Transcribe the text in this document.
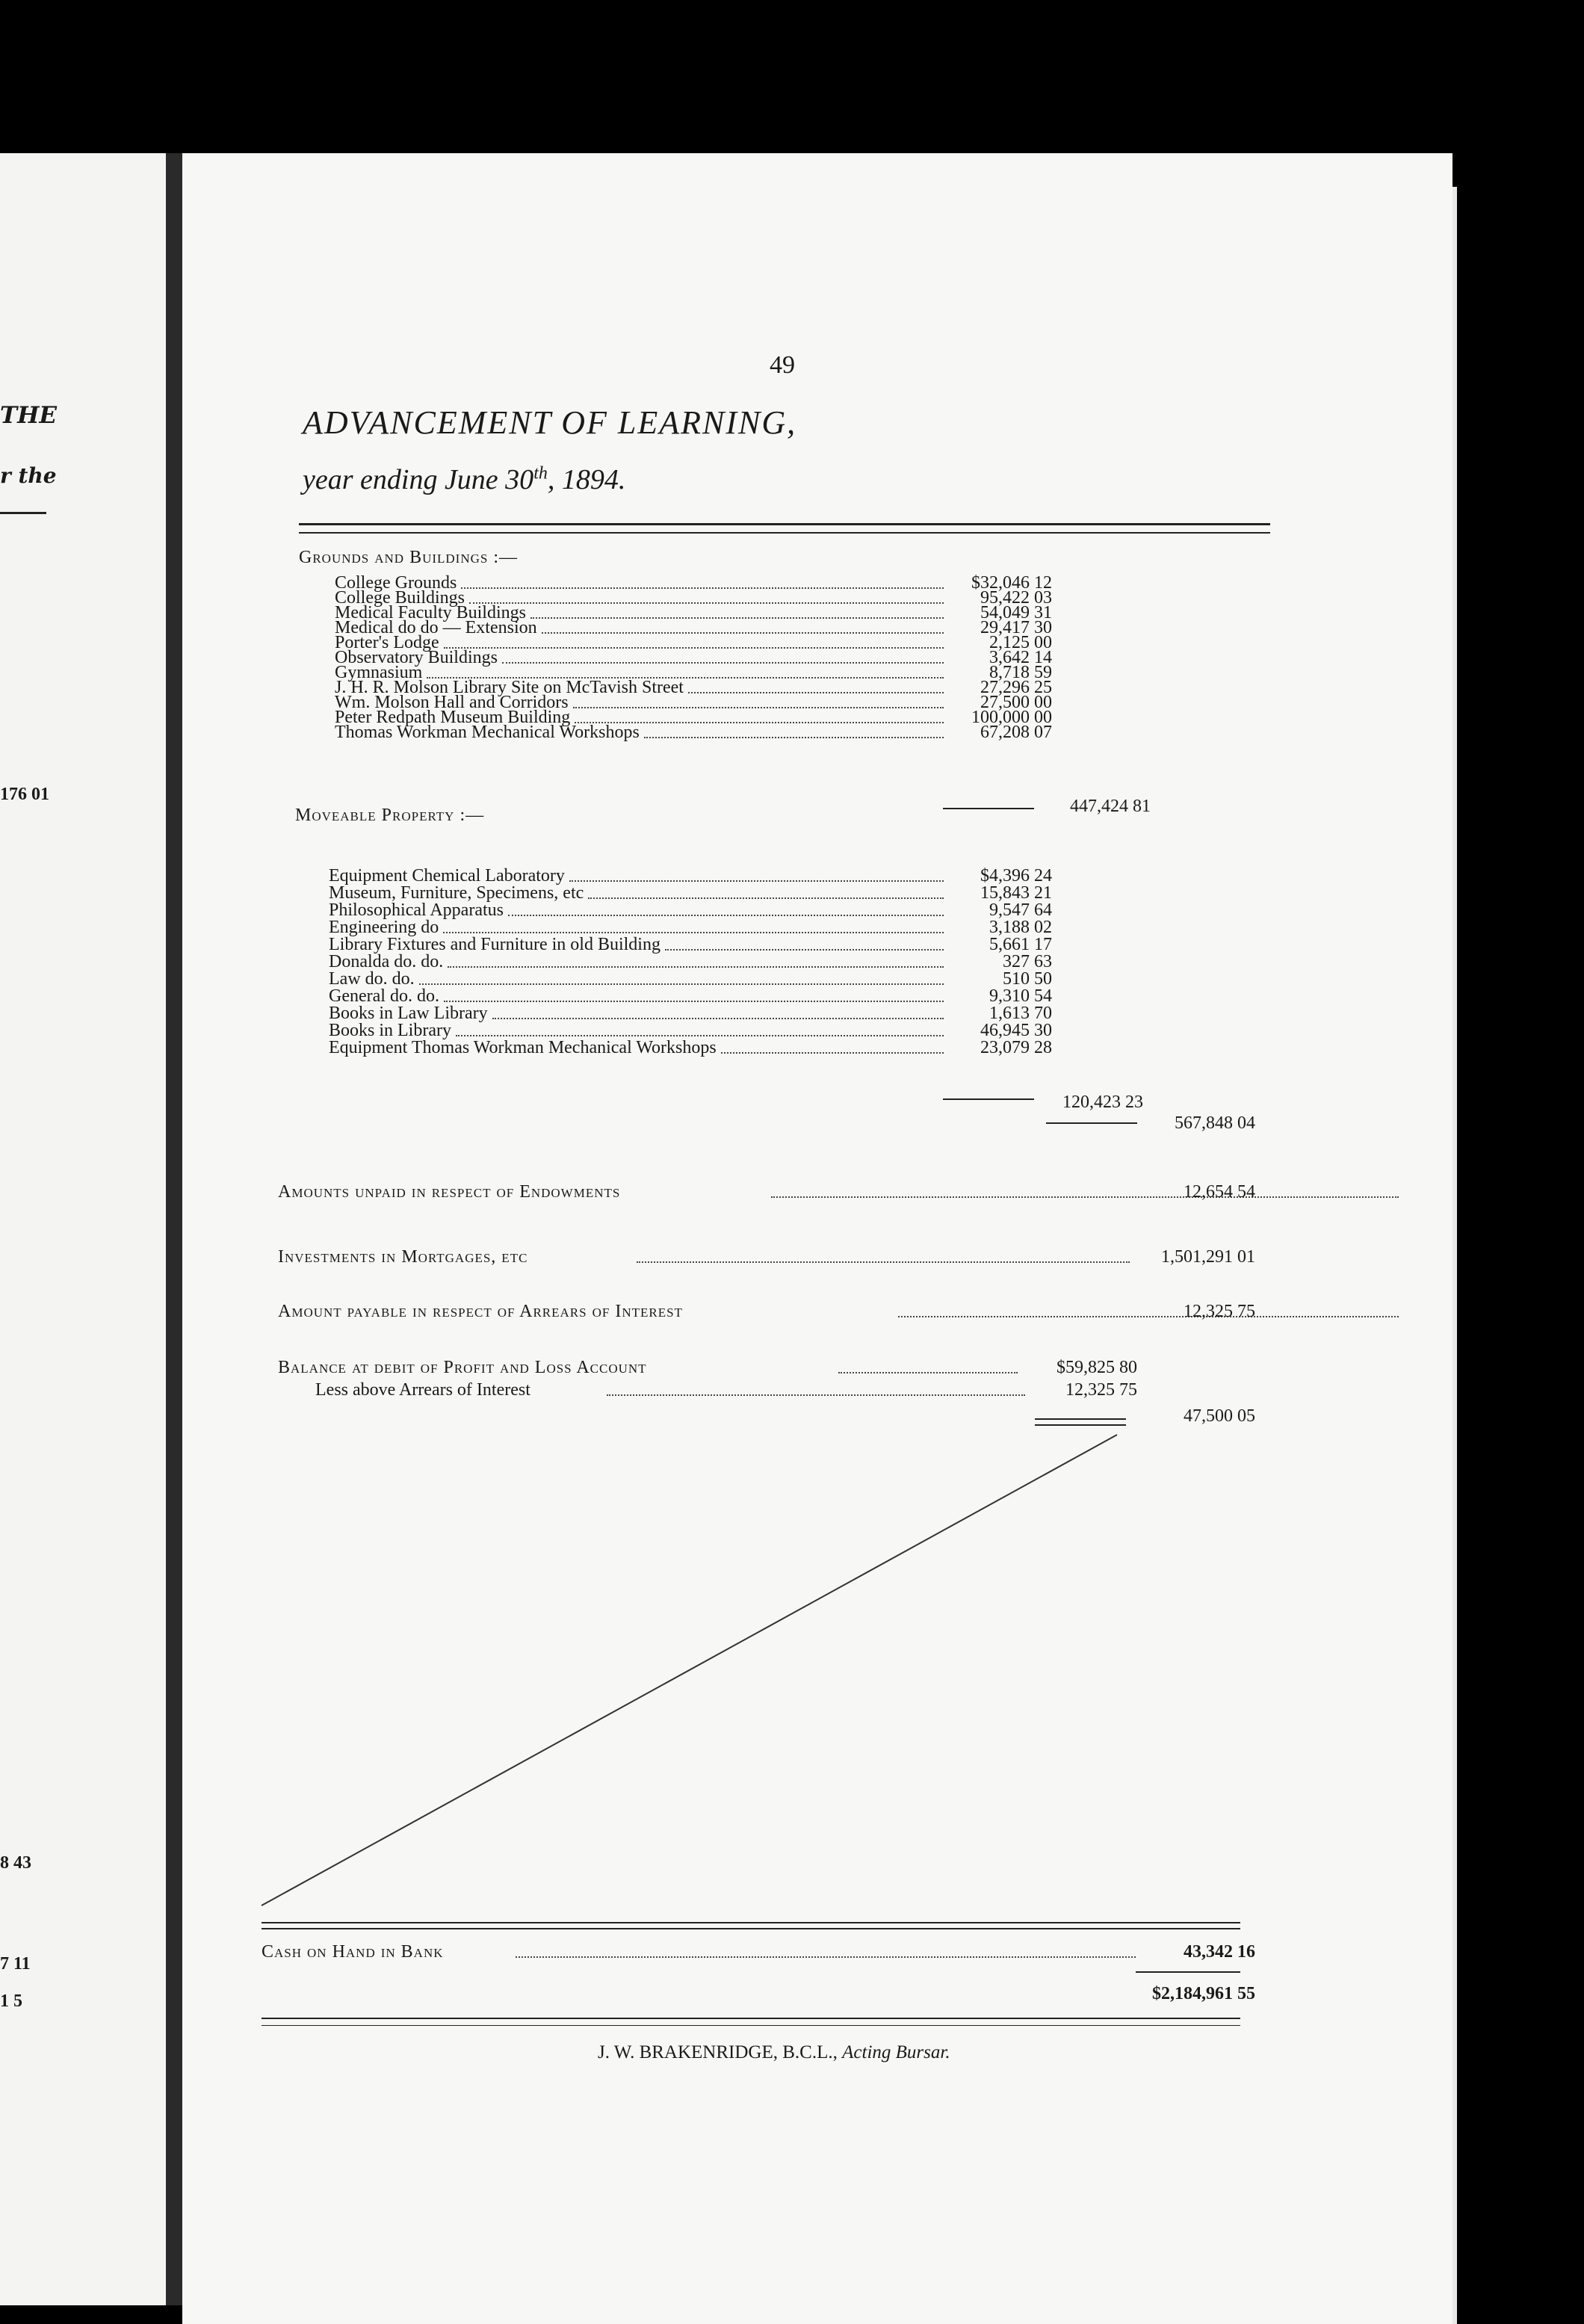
THE
r the
176 01
8 43
7 11
1 5
49
ADVANCEMENT OF LEARNING,
year ending June 30th, 1894.
Grounds and Buildings :—
College Grounds	$32,046 12
College Buildings	95,422 03
Medical Faculty Buildings	54,049 31
Medical do do — Extension	29,417 30
Porter's Lodge	2,125 00
Observatory Buildings	3,642 14
Gymnasium	8,718 59
J. H. R. Molson Library Site on McTavish Street	27,296 25
Wm. Molson Hall and Corridors	27,500 00
Peter Redpath Museum Building	100,000 00
Thomas Workman Mechanical Workshops	67,208 07
447,424 81
Moveable Property :—
Equipment Chemical Laboratory	$4,396 24
Museum, Furniture, Specimens, etc	15,843 21
Philosophical Apparatus	9,547 64
Engineering do	3,188 02
Library Fixtures and Furniture in old Building	5,661 17
Donalda do. do.	327 63
Law do. do.	510 50
General do. do.	9,310 54
Books in Law Library	1,613 70
Books in Library	46,945 30
Equipment Thomas Workman Mechanical Workshops	23,079 28
120,423 23
567,848 04
Amounts unpaid in respect of Endowments	12,654 54
Investments in Mortgages, etc	1,501,291 01
Amount payable in respect of Arrears of Interest	12,325 75
Balance at debit of Profit and Loss Account	$59,825 80
Less above Arrears of Interest	12,325 75
47,500 05
Cash on Hand in Bank	43,342 16
$2,184,961 55
J. W. BRAKENRIDGE, B.C.L., Acting Bursar.
